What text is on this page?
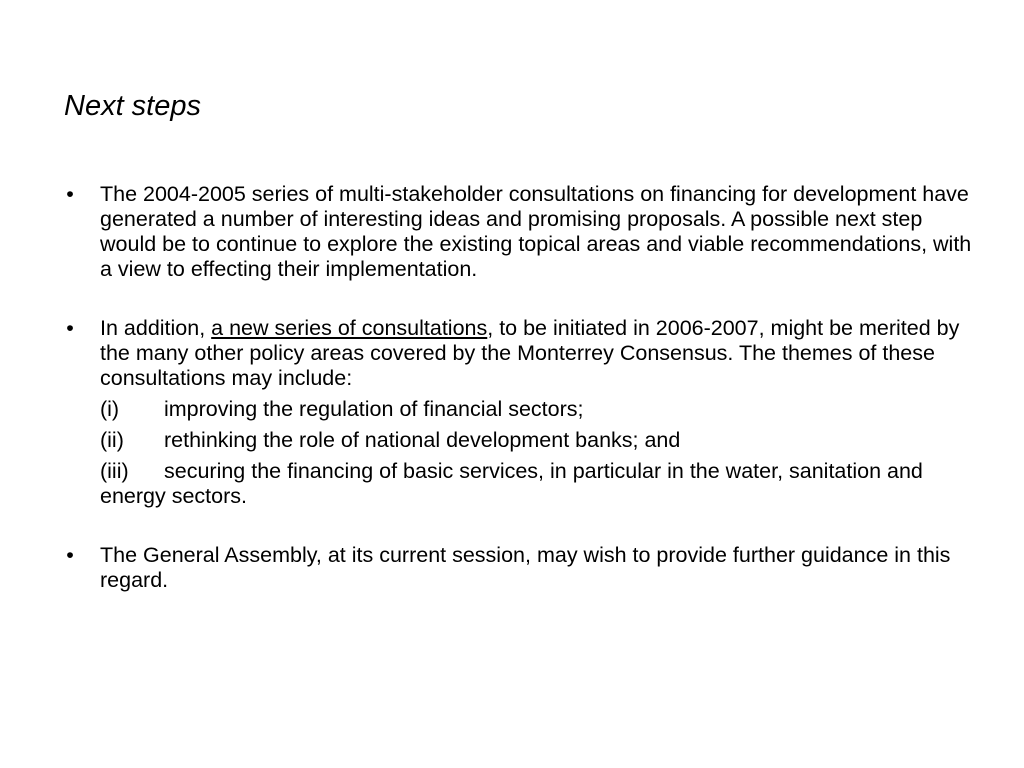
Next steps
• The 2004-2005 series of multi-stakeholder consultations on financing for development have generated a number of interesting ideas and promising proposals. A possible next step would be to continue to explore the existing topical areas and viable recommendations, with a view to effecting their implementation.
• In addition, a new series of consultations, to be initiated in 2006-2007, might be merited by the many other policy areas covered by the Monterrey Consensus. The themes of these consultations may include:
(i) improving the regulation of financial sectors;
(ii) rethinking the role of national development banks; and
(iii) securing the financing of basic services, in particular in the water, sanitation and energy sectors.
• The General Assembly, at its current session, may wish to provide further guidance in this regard.
